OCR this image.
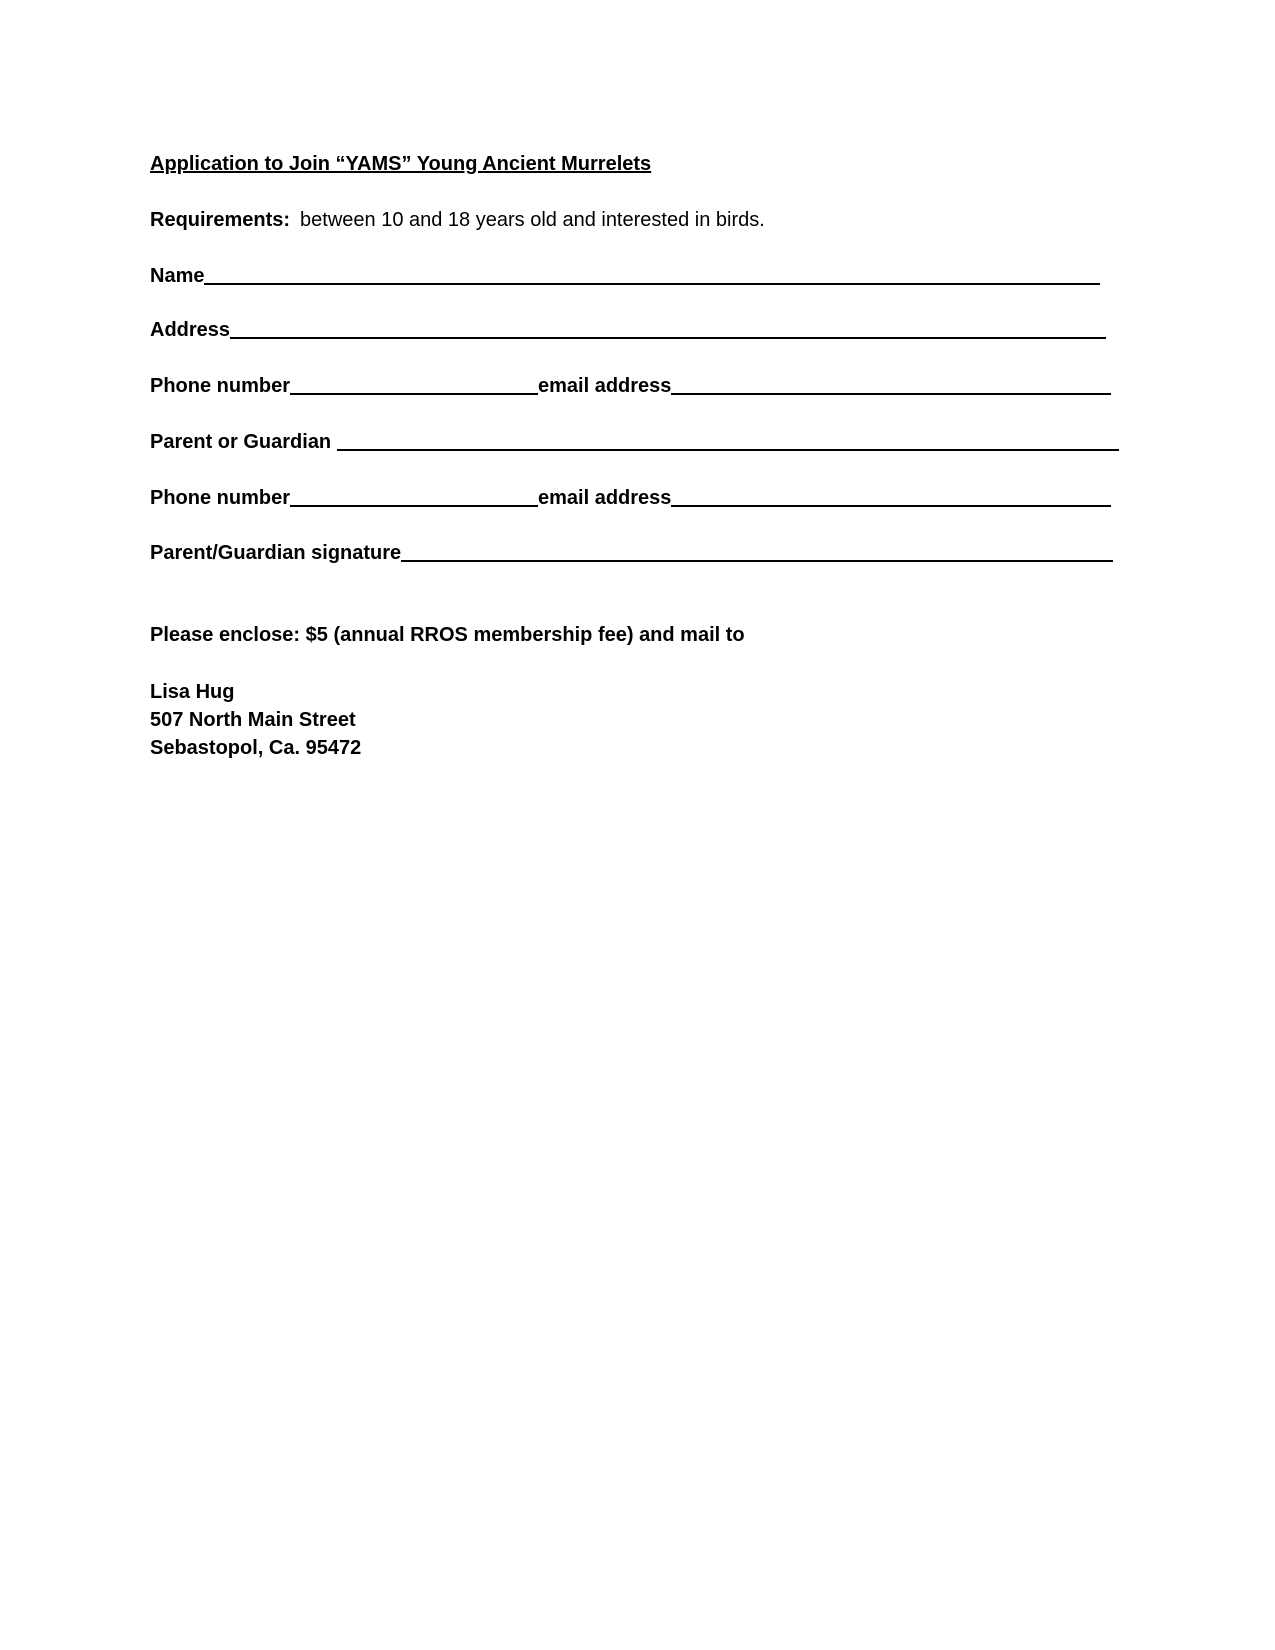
Application to Join “YAMS” Young Ancient Murrelets
Requirements: between 10 and 18 years old and interested in birds.
Name
Address
Phone number	email address
Parent or Guardian
Phone number	email address
Parent/Guardian signature
Please enclose: $5 (annual RROS membership fee) and mail to
Lisa Hug
507 North Main Street
Sebastopol, Ca. 95472
